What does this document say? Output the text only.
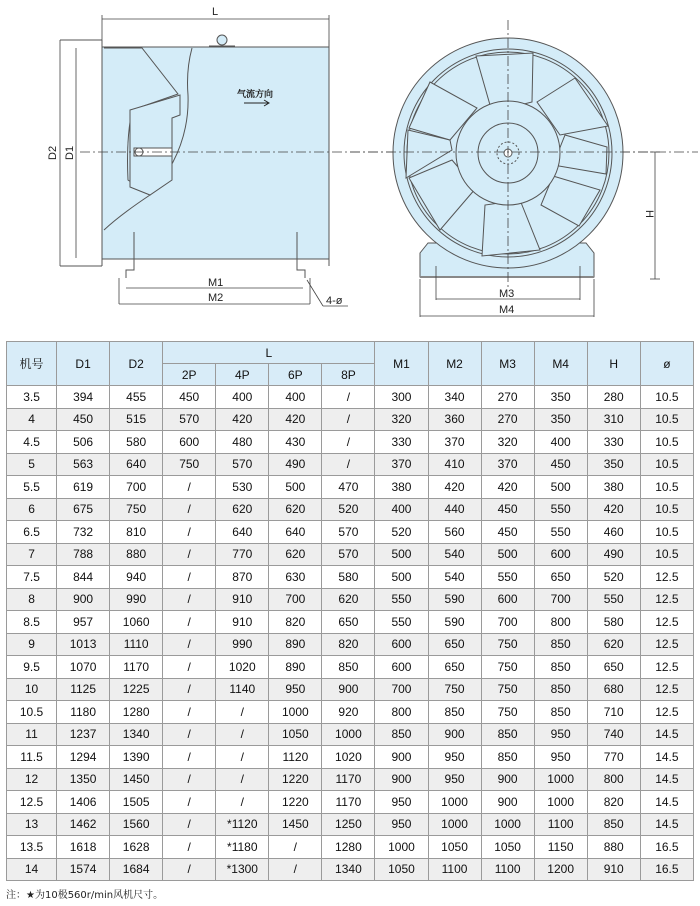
L
D2 D1
M1
M2	4-ø
气流方向
M3
M4
H
机号	D1	D2	L				M1	M2	M3	M4	H	ø
			2P	4P	6P	8P						
3.5	394	455	450	400	400	/	300	340	270	350	280	10.5
4	450	515	570	420	420	/	320	360	270	350	310	10.5
4.5	506	580	600	480	430	/	330	370	320	400	330	10.5
5	563	640	750	570	490	/	370	410	370	450	350	10.5
5.5	619	700	/	530	500	470	380	420	420	500	380	10.5
6	675	750	/	620	620	520	400	440	450	550	420	10.5
6.5	732	810	/	640	640	570	520	560	450	550	460	10.5
7	788	880	/	770	620	570	500	540	500	600	490	10.5
7.5	844	940	/	870	630	580	500	540	550	650	520	12.5
8	900	990	/	910	700	620	550	590	600	700	550	12.5
8.5	957	1060	/	910	820	650	550	590	700	800	580	12.5
9	1013	1110	/	990	890	820	600	650	750	850	620	12.5
9.5	1070	1170	/	1020	890	850	600	650	750	850	650	12.5
10	1125	1225	/	1140	950	900	700	750	750	850	680	12.5
10.5	1180	1280	/	/	1000	920	800	850	750	850	710	12.5
11	1237	1340	/	/	1050	1000	850	900	850	950	740	14.5
11.5	1294	1390	/	/	1120	1020	900	950	850	950	770	14.5
12	1350	1450	/	/	1220	1170	900	950	900	1000	800	14.5
12.5	1406	1505	/	/	1220	1170	950	1000	900	1000	820	14.5
13	1462	1560	/	*1120	1450	1250	950	1000	1000	1100	850	14.5
13.5	1618	1628	/	*1180	/	1280	1000	1050	1050	1150	880	16.5
14	1574	1684	/	*1300	/	1340	1050	1100	1100	1200	910	16.5
注：★为10极560r/min风机尺寸。
